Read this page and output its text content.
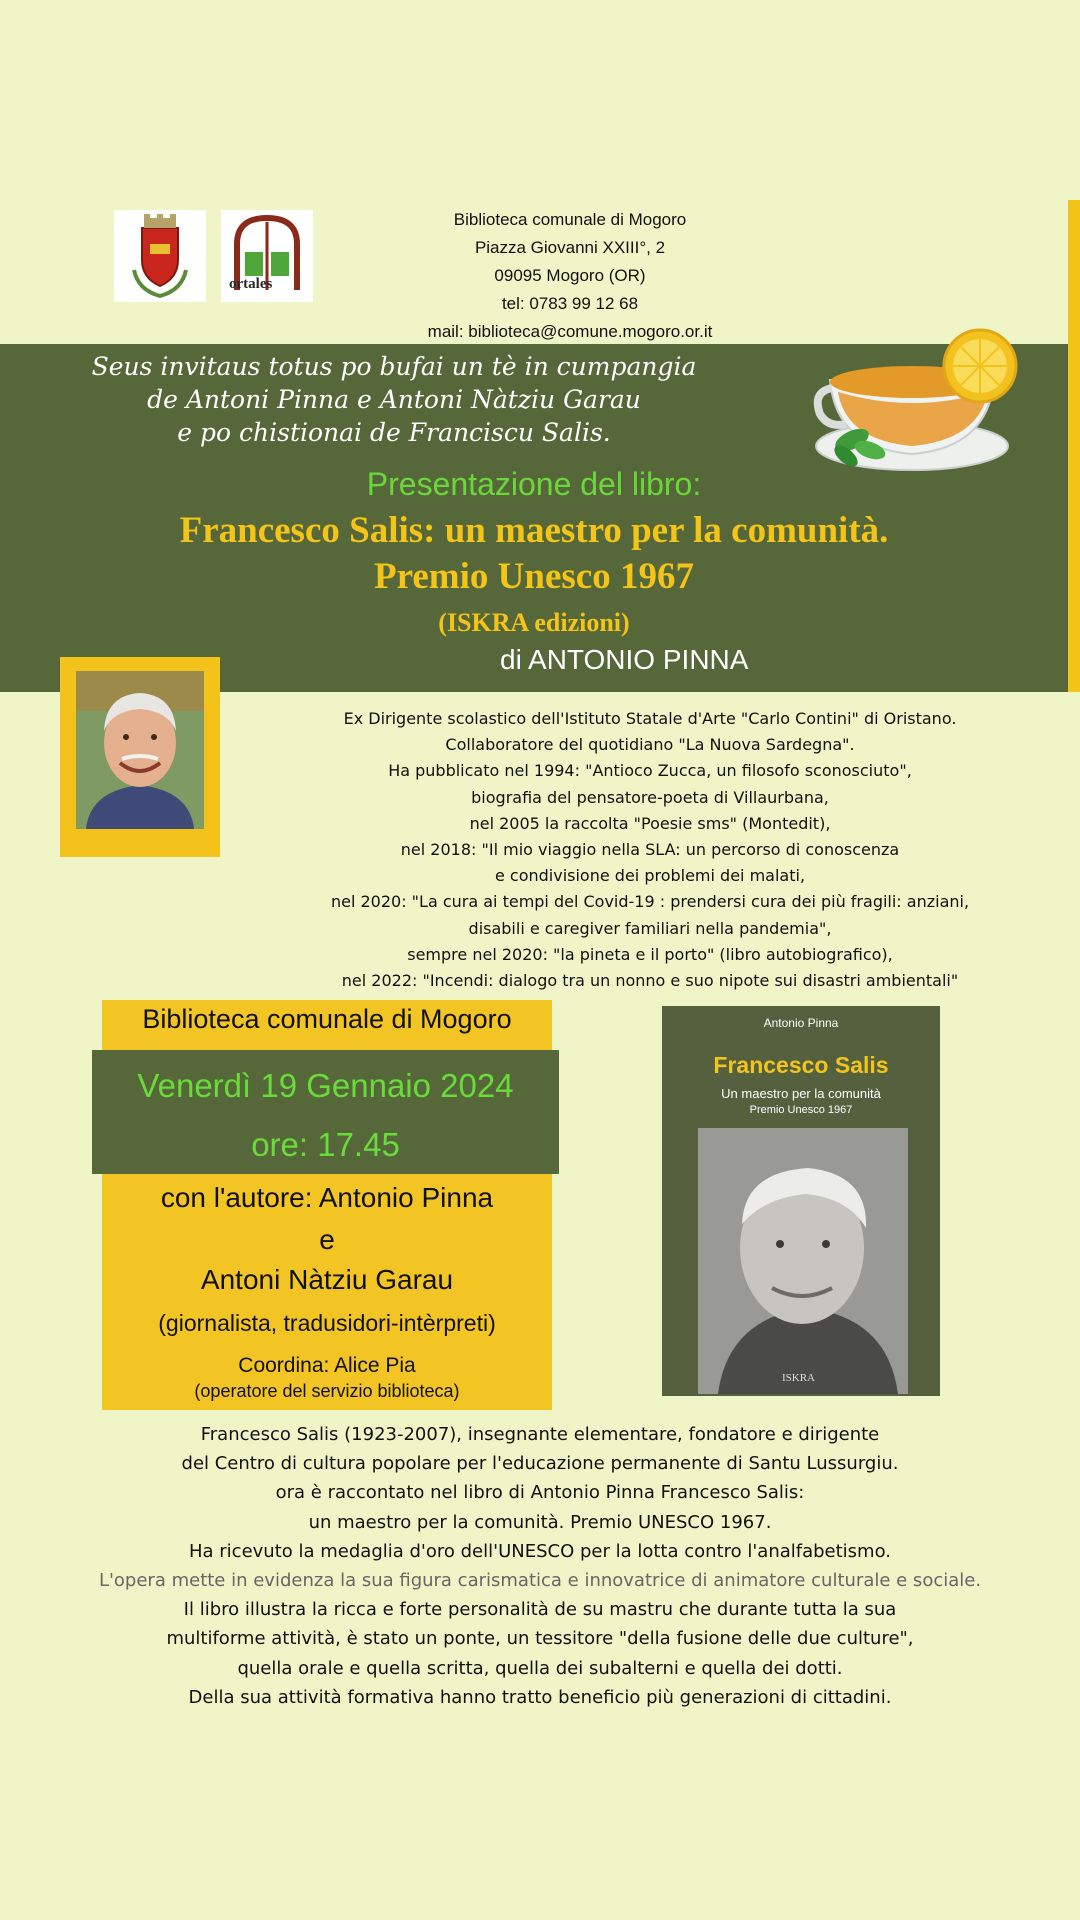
ortales
Biblioteca comunale di Mogoro
Piazza Giovanni XXIII°, 2
09095 Mogoro (OR)
tel: 0783 99 12 68
mail: biblioteca@comune.mogoro.or.it
Seus invitaus totus po bufai un tè in cumpangia
de Antoni Pinna e Antoni Nàtziu Garau
e po chistionai de Franciscu Salis.
Presentazione del libro:
Francesco Salis: un maestro per la comunità.
Premio Unesco 1967
(ISKRA edizioni)
di ANTONIO PINNA
Ex Dirigente scolastico dell'Istituto Statale d'Arte "Carlo Contini" di Oristano.
Collaboratore del quotidiano "La Nuova Sardegna".
Ha pubblicato nel 1994: "Antioco Zucca, un filosofo sconosciuto",
biografia del pensatore-poeta di Villaurbana,
nel 2005 la raccolta "Poesie sms" (Montedit),
nel 2018: "Il mio viaggio nella SLA: un percorso di conoscenza
e condivisione dei problemi dei malati,
nel 2020: "La cura ai tempi del Covid-19 : prendersi cura dei più fragili: anziani,
disabili e caregiver familiari nella pandemia",
sempre nel 2020: "la pineta e il porto" (libro autobiografico),
nel 2022: "Incendi: dialogo tra un nonno e suo nipote sui disastri ambientali"
Biblioteca comunale di Mogoro
Venerdì 19 Gennaio 2024
ore: 17.45
con l'autore: Antonio Pinna
e
Antoni Nàtziu Garau
(giornalista, tradusidori-intèrpreti)
Coordina: Alice Pia
(operatore del servizio biblioteca)
Antonio Pinna
Francesco Salis
Un maestro per la comunità
Premio Unesco 1967
ISKRA
Francesco Salis (1923-2007), insegnante elementare, fondatore e dirigente
del Centro di cultura popolare per l'educazione permanente di Santu Lussurgiu.
ora è raccontato nel libro di Antonio Pinna Francesco Salis:
un maestro per la comunità. Premio UNESCO 1967.
Ha ricevuto la medaglia d'oro dell'UNESCO per la lotta contro l'analfabetismo.
L'opera mette in evidenza la sua figura carismatica e innovatrice di animatore culturale e sociale.
Il libro illustra la ricca e forte personalità de su mastru che durante tutta la sua
multiforme attività, è stato un ponte, un tessitore "della fusione delle due culture",
quella orale e quella scritta, quella dei subalterni e quella dei dotti.
Della sua attività formativa hanno tratto beneficio più generazioni di cittadini.
